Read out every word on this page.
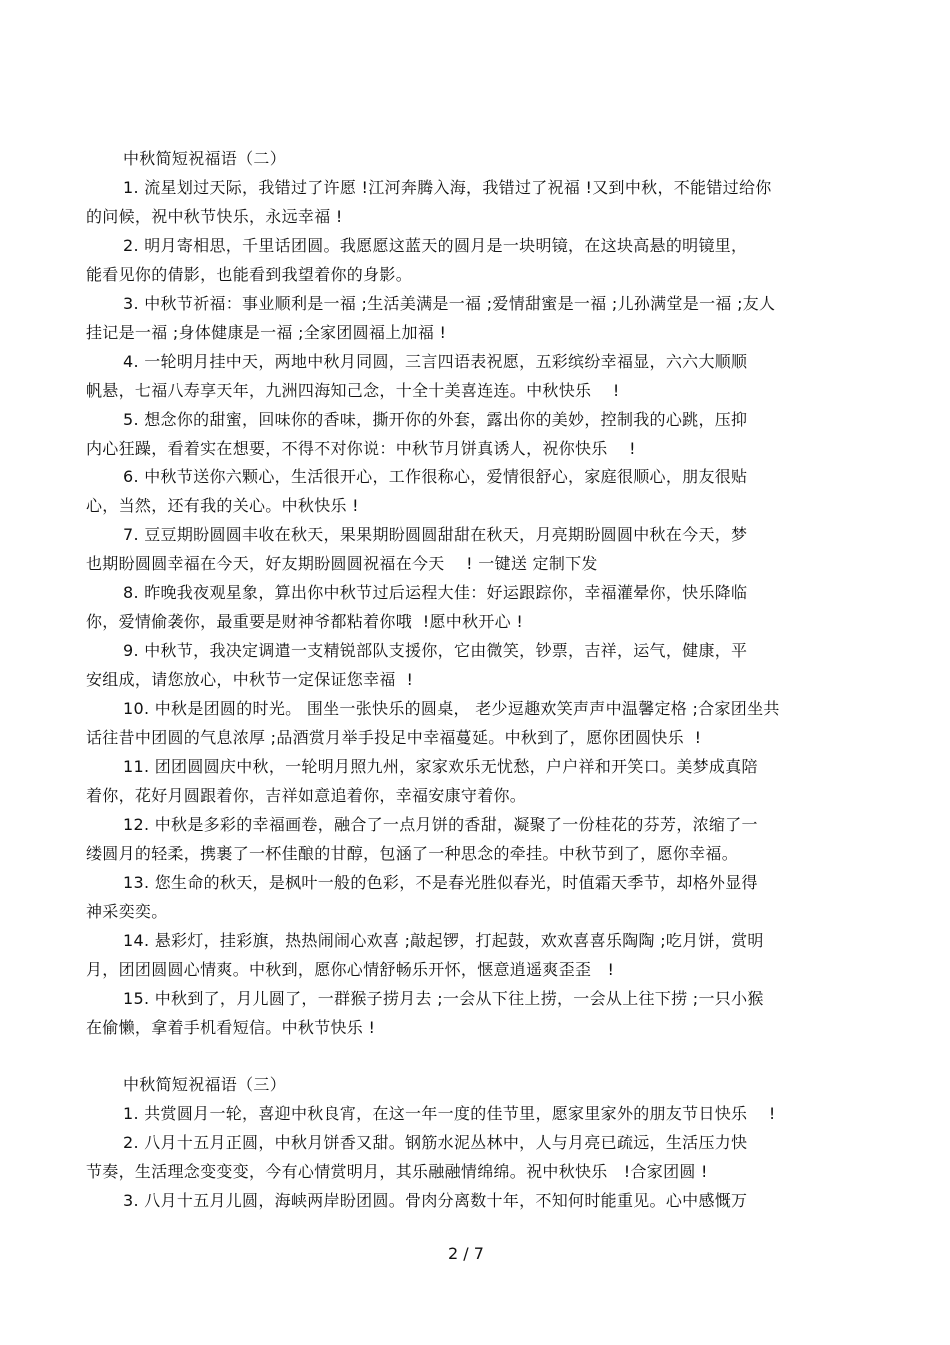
中秋简短祝福语（二）
1. 流星划过天际，我错过了许愿 !江河奔腾入海，我错过了祝福 !又到中秋，不能错过给你
的问候，祝中秋节快乐，永远幸福 !
2. 明月寄相思，千里话团圆。我愿愿这蓝天的圆月是一块明镜，在这块高悬的明镜里，
能看见你的倩影，也能看到我望着你的身影。
3. 中秋节祈福：事业顺利是一福 ;生活美满是一福 ;爱情甜蜜是一福 ;儿孙满堂是一福 ;友人
挂记是一福 ;身体健康是一福 ;全家团圆福上加福 !
4. 一轮明月挂中天，两地中秋月同圆，三言四语表祝愿，五彩缤纷幸福显，六六大顺顺
帆悬，七福八寿享天年，九洲四海知己念，十全十美喜连连。中秋快乐    !
5. 想念你的甜蜜，回味你的香味，撕开你的外套，露出你的美妙，控制我的心跳，压抑
内心狂躁，看着实在想要，不得不对你说：中秋节月饼真诱人，祝你快乐    !
6. 中秋节送你六颗心，生活很开心，工作很称心，爱情很舒心，家庭很顺心，朋友很贴
心，当然，还有我的关心。中秋快乐 !
7. 豆豆期盼圆圆丰收在秋天，果果期盼圆圆甜甜在秋天，月亮期盼圆圆中秋在今天，梦
也期盼圆圆幸福在今天，好友期盼圆圆祝福在今天    ! 一键送 定制下发
8. 昨晚我夜观星象，算出你中秋节过后运程大佳：好运跟踪你，幸福灌晕你，快乐降临
你，爱情偷袭你，最重要是财神爷都粘着你哦  !愿中秋开心 !
9. 中秋节，我决定调遣一支精锐部队支援你，它由微笑，钞票，吉祥，运气，健康，平
安组成，请您放心，中秋节一定保证您幸福  !
10. 中秋是团圆的时光。 围坐一张快乐的圆桌， 老少逗趣欢笑声声中温馨定格 ;合家团坐共
话往昔中团圆的气息浓厚 ;品酒赏月举手投足中幸福蔓延。中秋到了，愿你团圆快乐  !
11. 团团圆圆庆中秋，一轮明月照九州，家家欢乐无忧愁，户户祥和开笑口。美梦成真陪
着你，花好月圆跟着你，吉祥如意追着你，幸福安康守着你。
12. 中秋是多彩的幸福画卷，融合了一点月饼的香甜，凝聚了一份桂花的芬芳，浓缩了一
缕圆月的轻柔，携裹了一杯佳酿的甘醇，包涵了一种思念的牵挂。中秋节到了，愿你幸福。
13. 您生命的秋天，是枫叶一般的色彩，不是春光胜似春光，时值霜天季节，却格外显得
神采奕奕。
14. 悬彩灯，挂彩旗，热热闹闹心欢喜 ;敲起锣，打起鼓，欢欢喜喜乐陶陶 ;吃月饼，赏明
月，团团圆圆心情爽。中秋到，愿你心情舒畅乐开怀，惬意逍遥爽歪歪   !
15. 中秋到了，月儿圆了，一群猴子捞月去 ;一会从下往上捞，一会从上往下捞 ;一只小猴
在偷懒，拿着手机看短信。中秋节快乐 !
中秋简短祝福语（三）
1. 共赏圆月一轮，喜迎中秋良宵，在这一年一度的佳节里，愿家里家外的朋友节日快乐    !
2. 八月十五月正圆，中秋月饼香又甜。钢筋水泥丛林中，人与月亮已疏远，生活压力快
节奏，生活理念变变变，今有心情赏明月，其乐融融情绵绵。祝中秋快乐   !合家团圆 !
3. 八月十五月儿圆，海峡两岸盼团圆。骨肉分离数十年，不知何时能重见。心中感慨万
2 / 7
